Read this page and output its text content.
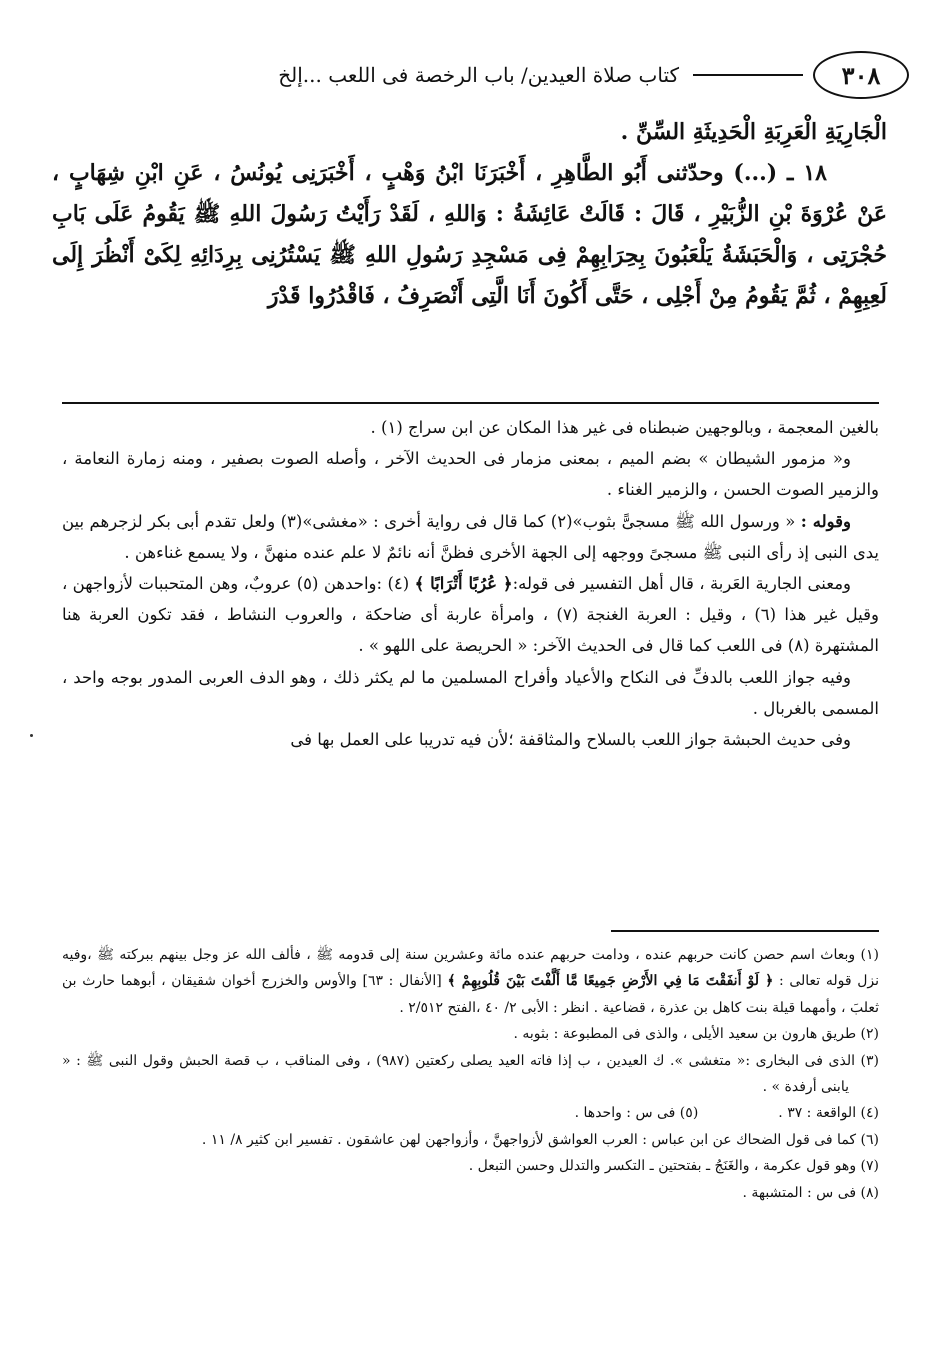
٣٠٨
كتاب صلاة العيدين/ باب الرخصة فى اللعب ...إلخ

الْجَارِيَةِ الْعَرِبَةِ الْحَدِيثَةِ السِّنِّ .

١٨ ـ (...) وحدّثنى أَبُو الطَّاهِرِ ، أَخْبَرَنَا ابْنُ وَهْبٍ ، أَخْبَرَنِى يُونُسُ ، عَنِ ابْنِ شِهَابٍ ، عَنْ عُرْوَةَ بْنِ الزُّبَيْرِ ، قَالَ : قَالَتْ عَائِشَةُ : وَاللهِ ، لَقَدْ رَأَيْتُ رَسُولَ اللهِ ﷺ يَقُومُ عَلَى بَابِ حُجْرَتِى ، وَالْحَبَشَةُ يَلْعَبُونَ بِحِرَابِهِمْ فِى مَسْجِدِ رَسُولِ اللهِ ﷺ يَسْتُرُنِى بِرِدَائِهِ لِكَىْ أَنْظُرَ إِلَى لَعِبِهِمْ ، ثُمَّ يَقُومُ مِنْ أَجْلِى ، حَتَّى أَكُونَ أَنَا الَّتِى أَنْصَرِفُ ، فَاقْدُرُوا قَدْرَ

بالغين المعجمة ، وبالوجهين ضبطناه فى غير هذا المكان عن ابن سراج (١) .

و« مزمور الشيطان » بضم الميم ، بمعنى مزمار فى الحديث الآخر ، وأصله الصوت بصفير ، ومنه زمارة النعامة ، والزمير الصوت الحسن ، والزمير الغناء .

وقوله : « ورسول الله ﷺ مسجىًّ بثوب»(٢) كما قال فى رواية أخرى : «مغشى»(٣) ولعل تقدم أبى بكر لزجرهم بين يدى النبى إذ رأى النبى ﷺ مسجىً ووجهه إلى الجهة الأخرى فظنَّ أنه نائمٌ لا علم عنده منهنَّ ، ولا يسمع غناءهن .

ومعنى الجارية العَربة ، قال أهل التفسير فى قوله:﴿ عُرُبًا أَتْرَابًا ﴾ (٤) :واحدهن (٥) عروبٌ، وهن المتحببات لأزواجهن ، وقيل غير هذا (٦) ، وقيل : العربة الغنجة (٧) ، وامرأة عاربة أى ضاحكة ، والعروب النشاط ، فقد تكون العربة هنا المشتهرة (٨) فى اللعب كما قال فى الحديث الآخر: « الحريصة على اللهو » .

وفيه جواز اللعب بالدفِّ فى النكاح والأعياد وأفراح المسلمين ما لم يكثر ذلك ، وهو الدف العربى المدور بوجه واحد ، المسمى بالغربال .

وفى حديث الحبشة جواز اللعب بالسلاح والمثاقفة ؛لأن فيه تدريبا على العمل بها فى

(١) وبعاث اسم حصن كانت حربهم عنده ، ودامت حربهم عنده مائة وعشرين سنة إلى قدومه ﷺ ، فألف الله عز وجل بينهم ببركته ﷺ ،وفيه نزل قوله تعالى : ﴿ لَوْ أَنفَقْتَ مَا فِي الأَرْضِ جَمِيعًا مَّا أَلَّفْتَ بَيْنَ قُلُوبِهِمْ ﴾ [الأنفال : ٦٣] والأوس والخزرج أخوان شقيقان ، أبوهما حارث بن ثعلبَ ، وأمهما قيلة بنت كاهل بن عذرة ، قضاعية . انظر : الأبى ٢/ ٤٠ ،الفتح ٢/٥١٢ .

(٢) طريق هارون بن سعيد الأيلى ، والذى فى المطبوعة : بثوبه .

(٣) الذى فى البخارى :« متغشى ». ك العيدين ، ب إذا فاته العيد يصلى ركعتين (٩٨٧) ، وفى المناقب ، ب قصة الحبش وقول النبى ﷺ : « يابنى أرفدة » .

(٤) الواقعة : ٣٧ .(٥) فى س : واحدها .

(٦) كما فى قول الضحاك عن ابن عباس : العرب العواشق لأزواجهنَّ ، وأزواجهن لهن عاشقون . تفسير ابن كثير ٨/ ١١ .

(٧) وهو قول عكرمة ، والغَنَجُ ـ بفتحتين ـ التكسر والتدلل وحسن التبعل .

(٨) فى س : المتشبهة .
